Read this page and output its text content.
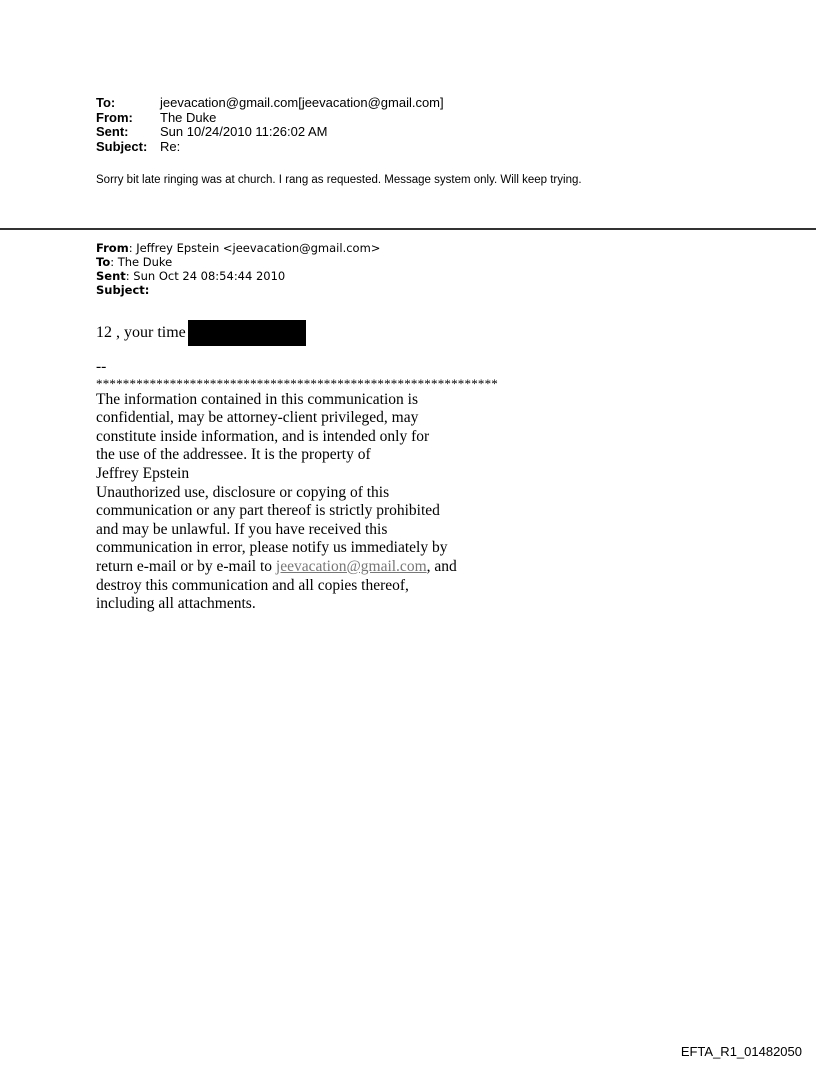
To:	jeevacation@gmail.com[jeevacation@gmail.com]
From:	The Duke
Sent:	Sun 10/24/2010 11:26:02 AM
Subject: Re:
Sorry bit late ringing was at church. I rang as requested. Message system only. Will keep trying.
From: Jeffrey Epstein <jeevacation@gmail.com>
To: The Duke
Sent: Sun Oct 24 08:54:44 2010
Subject:
12 , your time
--
************************************************************
The information contained in this communication is
confidential, may be attorney-client privileged, may
constitute inside information, and is intended only for
the use of the addressee. It is the property of
Jeffrey Epstein
Unauthorized use, disclosure or copying of this
communication or any part thereof is strictly prohibited
and may be unlawful. If you have received this
communication in error, please notify us immediately by
return e-mail or by e-mail to jeevacation@gmail.com, and
destroy this communication and all copies thereof,
including all attachments.
EFTA_R1_01482050
